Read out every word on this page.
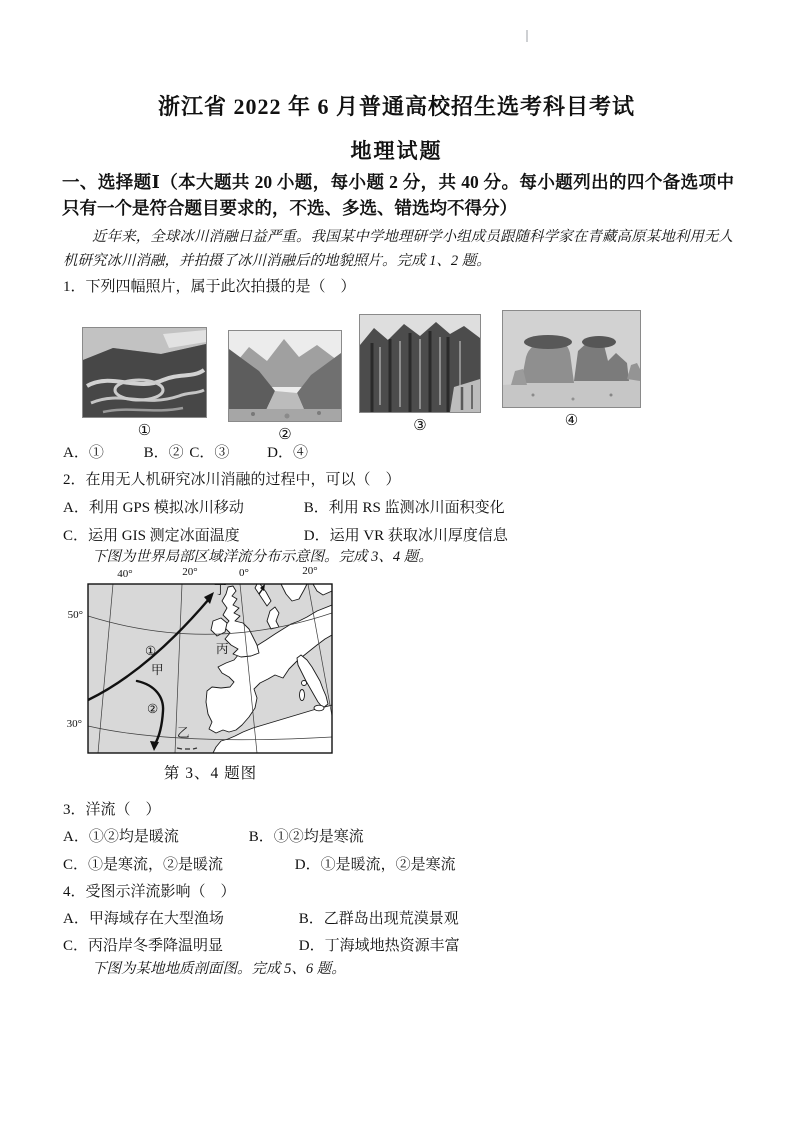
浙江省 2022 年 6 月普通高校招生选考科目考试
地理试题
一、选择题Ⅰ（本大题共 20 小题，每小题 2 分，共 40 分。每小题列出的四个备选项中只有一个是符合题目要求的，不选、多选、错选均不得分）

近年来，全球冰川消融日益严重。我国某中学地理研学小组成员跟随科学家在青藏高原某地利用无人机研究冰川消融，并拍摄了冰川消融后的地貌照片。完成 1、2 题。

1．下列四幅照片，属于此次拍摄的是（　）
①	②
③	④
A．①	B．② C．③	D．④
2．在用无人机研究冰川消融的过程中，可以（　）
A．利用 GPS 模拟冰川移动	B．利用 RS 监测冰川面积变化
C．运用 GIS 测定冰面温度	D．运用 VR 获取冰川厚度信息

下图为世界局部区域洋流分布示意图。完成 3、4 题。

40°	20°	0°	20°
50°
30°
①
甲
②
乙
丙
丁
第 3、4 题图
3．洋流（　）
A．①②均是暖流	B．①②均是寒流
C．①是寒流，②是暖流	D．①是暖流，②是寒流
4．受图示洋流影响（　）
A．甲海域存在大型渔场	B．乙群岛出现荒漠景观
C．丙沿岸冬季降温明显	D．丁海域地热资源丰富

下图为某地地质剖面图。完成 5、6 题。
